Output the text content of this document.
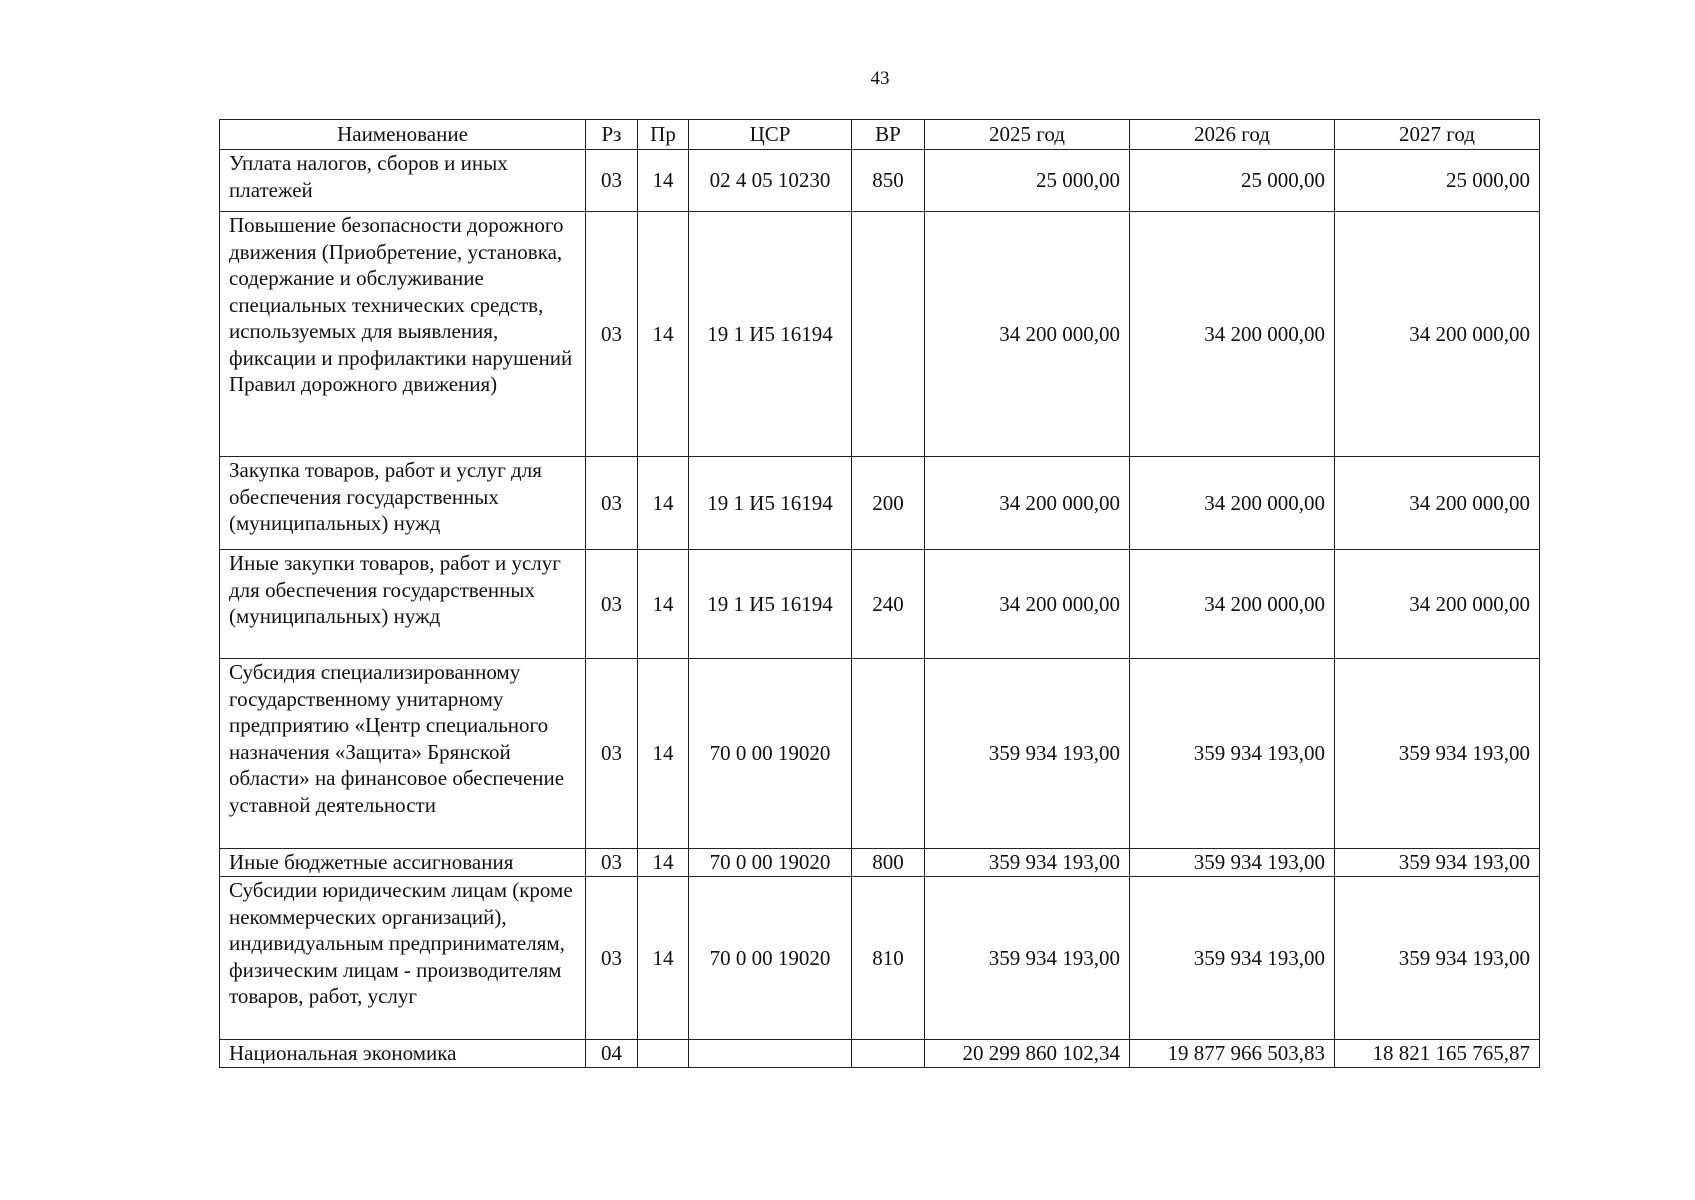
43
Наименование	Рз	Пр	ЦСР	ВР	2025 год	2026 год	2027 год
Уплата налогов, сборов и иных платежей	03	14	02 4 05 10230	850	25 000,00	25 000,00	25 000,00
Повышение безопасности дорожного движения (Приобретение, установка, содержание и обслуживание специальных технических средств, используемых для выявления, фиксации и профилактики нарушений Правил дорожного движения)	03	14	19 1 И5 16194		34 200 000,00	34 200 000,00	34 200 000,00
Закупка товаров, работ и услуг для обеспечения государственных (муниципальных) нужд	03	14	19 1 И5 16194	200	34 200 000,00	34 200 000,00	34 200 000,00
Иные закупки товаров, работ и услуг для обеспечения государственных (муниципальных) нужд	03	14	19 1 И5 16194	240	34 200 000,00	34 200 000,00	34 200 000,00
Субсидия специализированному государственному унитарному предприятию «Центр специального назначения «Защита» Брянской области» на финансовое обеспечение уставной деятельности	03	14	70 0 00 19020		359 934 193,00	359 934 193,00	359 934 193,00
Иные бюджетные ассигнования	03	14	70 0 00 19020	800	359 934 193,00	359 934 193,00	359 934 193,00
Субсидии юридическим лицам (кроме некоммерческих организаций), индивидуальным предпринимателям, физическим лицам - производителям товаров, работ, услуг	03	14	70 0 00 19020	810	359 934 193,00	359 934 193,00	359 934 193,00
Национальная экономика	04				20 299 860 102,34	19 877 966 503,83	18 821 165 765,87
